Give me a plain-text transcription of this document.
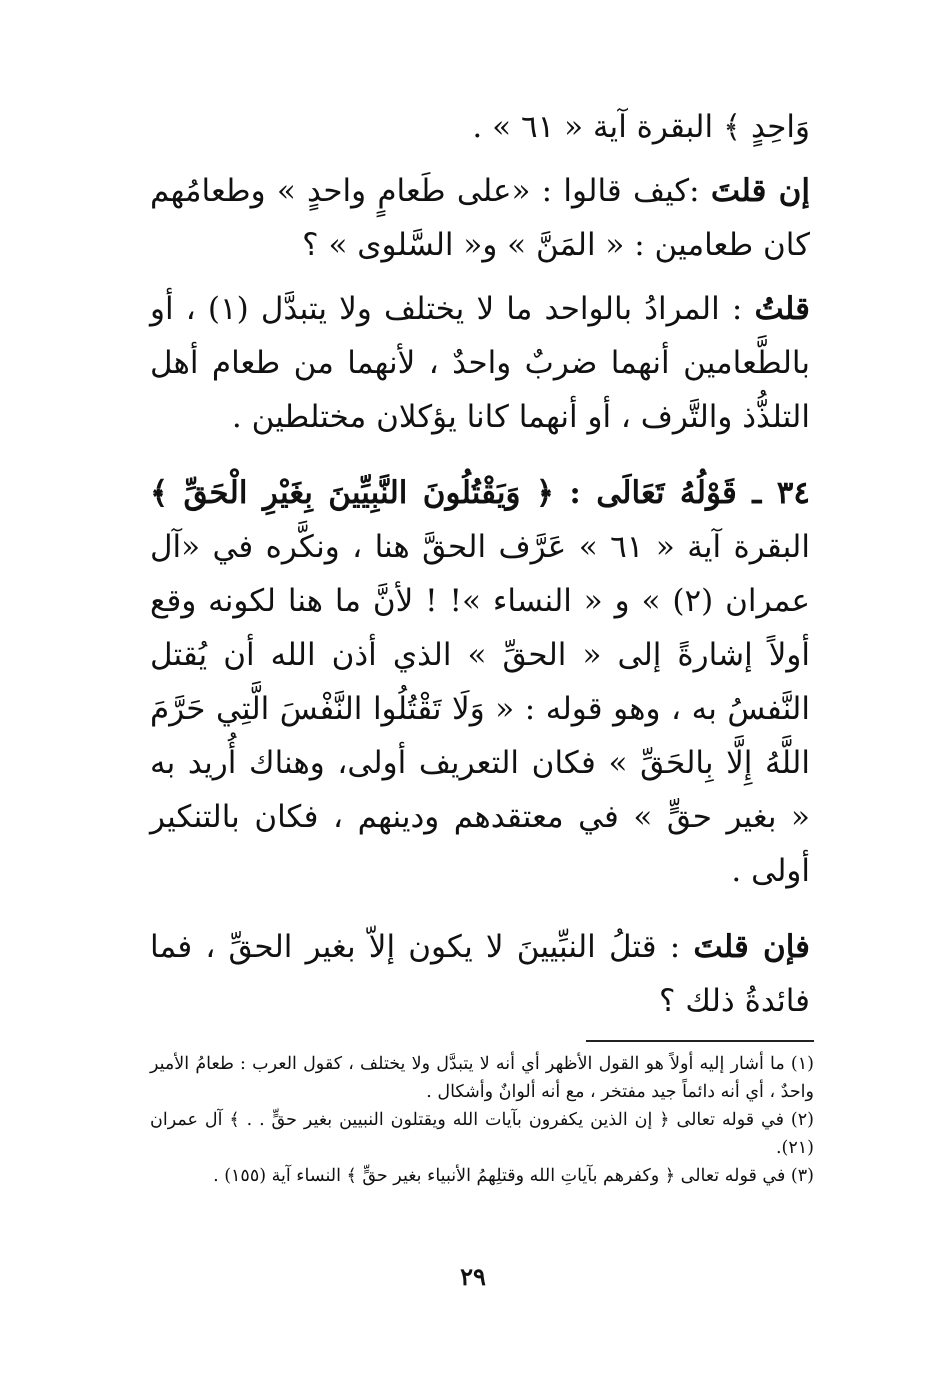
وَاحِدٍ ﴾ البقرة آية « ٦١ » .

إن قلتَ :كيف قالوا : «على طَعامٍ واحدٍ » وطعامُهم كان طعامين : « المَنَّ » و« السَّلوى » ؟

قلتُ : المرادُ بالواحد ما لا يختلف ولا يتبدَّل (١) ، أو بالطَّعامين أنهما ضربٌ واحدٌ ، لأنهما من طعام أهل التلذُّذ والتَّرف ، أو أنهما كانا يؤكلان مختلطين .

٣٤ ـ قَوْلُهُ تَعَالَى : ﴿ وَيَقْتُلُونَ النَّبِيِّينَ بِغَيْرِ الْحَقِّ ﴾ البقرة آية « ٦١ » عَرَّف الحقَّ هنا ، ونكَّره في «آل عمران (٢) » و « النساء »! ! لأنَّ ما هنا لكونه وقع أولاً إشارةً إلى « الحقِّ » الذي أذن الله أن يُقتل النَّفسُ به ، وهو قوله : « وَلَا تَقْتُلُوا النَّفْسَ الَّتِي حَرَّمَ اللَّهُ إِلَّا بِالحَقِّ » فكان التعريف أولى، وهناك أُريد به « بغير حقٍّ » في معتقدهم ودينهم ، فكان بالتنكير أولى .

فإن قلتَ : قتلُ النبِّيينَ لا يكون إلاّ بغير الحقِّ ، فما فائدةُ ذلك ؟

(١) ما أشار إليه أولاً هو القول الأظهر أي أنه لا يتبدَّل ولا يختلف ، كقول العرب : طعامُ الأمير واحدٌ ، أي أنه دائماً جيد مفتخر ، مع أنه ألوانٌ وأشكال .

(٢) في قوله تعالى ﴿ إن الذين يكفرون بآيات الله ويقتلون النبيين بغير حقٍّ . . ﴾ آل عمران (٢١).

(٣) في قوله تعالى ﴿ وكفرهم بآياتِ الله وقتلِهمُ الأنبياء بغير حقٍّ ﴾ النساء آية (١٥٥) .

٢٩
